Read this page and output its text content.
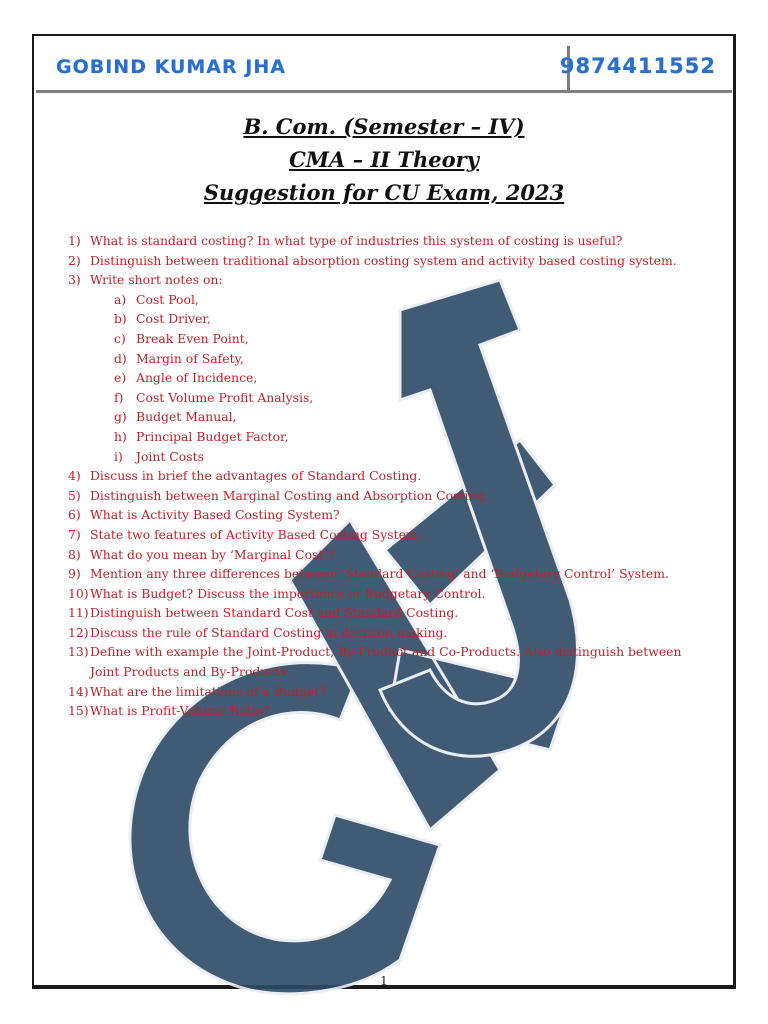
GOBIND KUMAR JHA	9874411552
B. Com. (Semester – IV)
CMA – II Theory
Suggestion for CU Exam, 2023
1) What is standard costing? In what type of industries this system of costing is useful?
2) Distinguish between traditional absorption costing system and activity based costing system.
3) Write short notes on:
a) Cost Pool,
b) Cost Driver,
c) Break Even Point,
d) Margin of Safety,
e) Angle of Incidence,
f)	Cost Volume Profit Analysis,
g) Budget Manual,
h) Principal Budget Factor,
i)	Joint Costs
4) Discuss in brief the advantages of Standard Costing.
5) Distinguish between Marginal Costing and Absorption Costing.
6) What is Activity Based Costing System?
7) State two features of Activity Based Costing System.
8) What do you mean by ‘Marginal Cost’?
9) Mention any three differences between ‘Standard Costing’ and ‘Budgetary Control’ System.
10) What is Budget? Discuss the importance of Budgetary Control.
11) Distinguish between Standard Cost and Standard Costing.
12) Discuss the rule of Standard Costing in decision making.
13) Define with example the Joint-Product, By-Product and Co-Products. Also distinguish between Joint Products and By-Products.
14) What are the limitations of a Budget?
15) What is Profit-Volume Ratio?
1
